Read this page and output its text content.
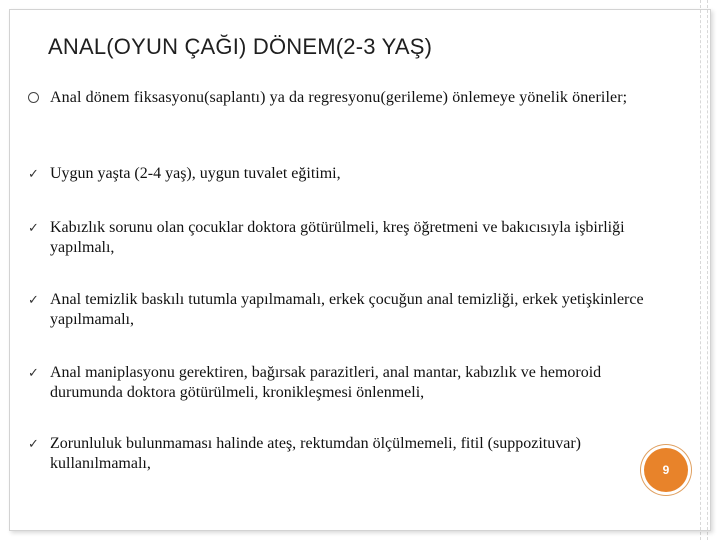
ANAL(OYUN ÇAĞI) DÖNEM(2-3 YAŞ)
Anal dönem fiksasyonu(saplantı) ya da regresyonu(gerileme) önlemeye yönelik öneriler;
✓ Uygun yaşta (2-4 yaş), uygun tuvalet eğitimi,
✓ Kabızlık sorunu olan çocuklar doktora götürülmeli, kreş öğretmeni ve bakıcısıyla işbirliği yapılmalı,
✓ Anal temizlik baskılı tutumla yapılmamalı, erkek çocuğun anal temizliği, erkek yetişkinlerce yapılmamalı,
✓ Anal maniplasyonu gerektiren, bağırsak parazitleri, anal mantar, kabızlık ve hemoroid durumunda doktora götürülmeli, kronikleşmesi önlenmeli,
✓ Zorunluluk bulunmaması halinde ateş, rektumdan ölçülmemeli, fitil (suppozituvar) kullanılmamalı,	9
